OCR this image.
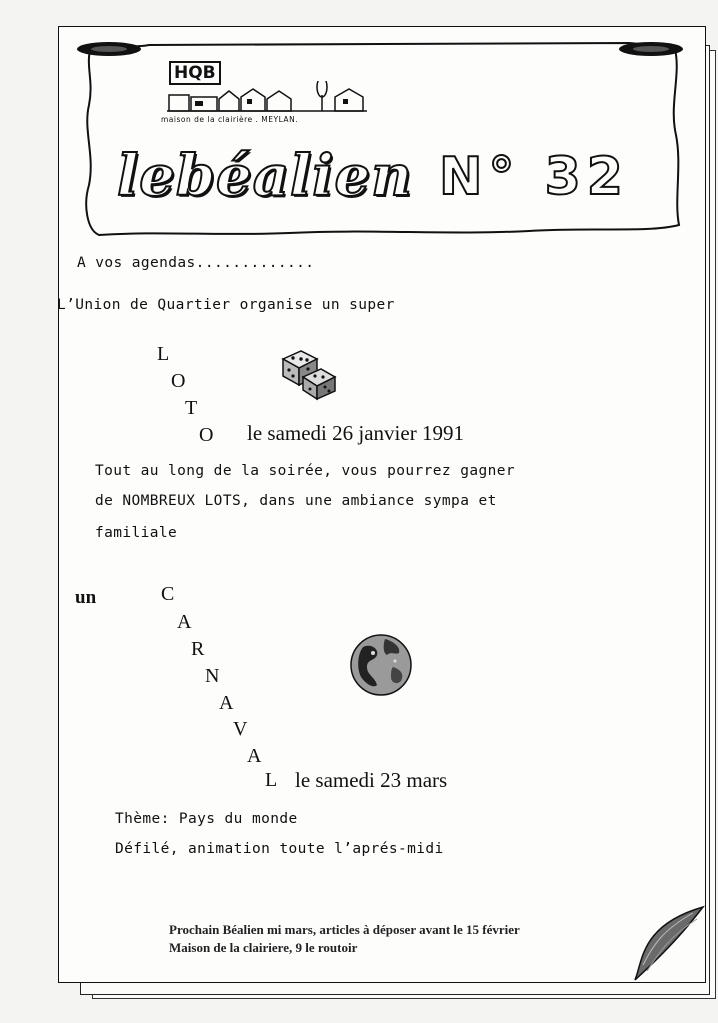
HQB
maison de la clairière . MEYLAN.
lebéalien N° 32
A vos agendas.............
L’Union de Quartier organise un super
L
O
T
O le samedi 26 janvier 1991
Tout au long de la soirée, vous pourrez gagner
de NOMBREUX LOTS, dans une ambiance sympa et
familiale
un	C
A
R
N
A
V
A
L le samedi 23 mars
Thème: Pays du monde
Défilé, animation toute l’aprés-midi
Prochain Béalien mi mars, articles à déposer avant le 15 février
Maison de la clairiere, 9 le routoir
